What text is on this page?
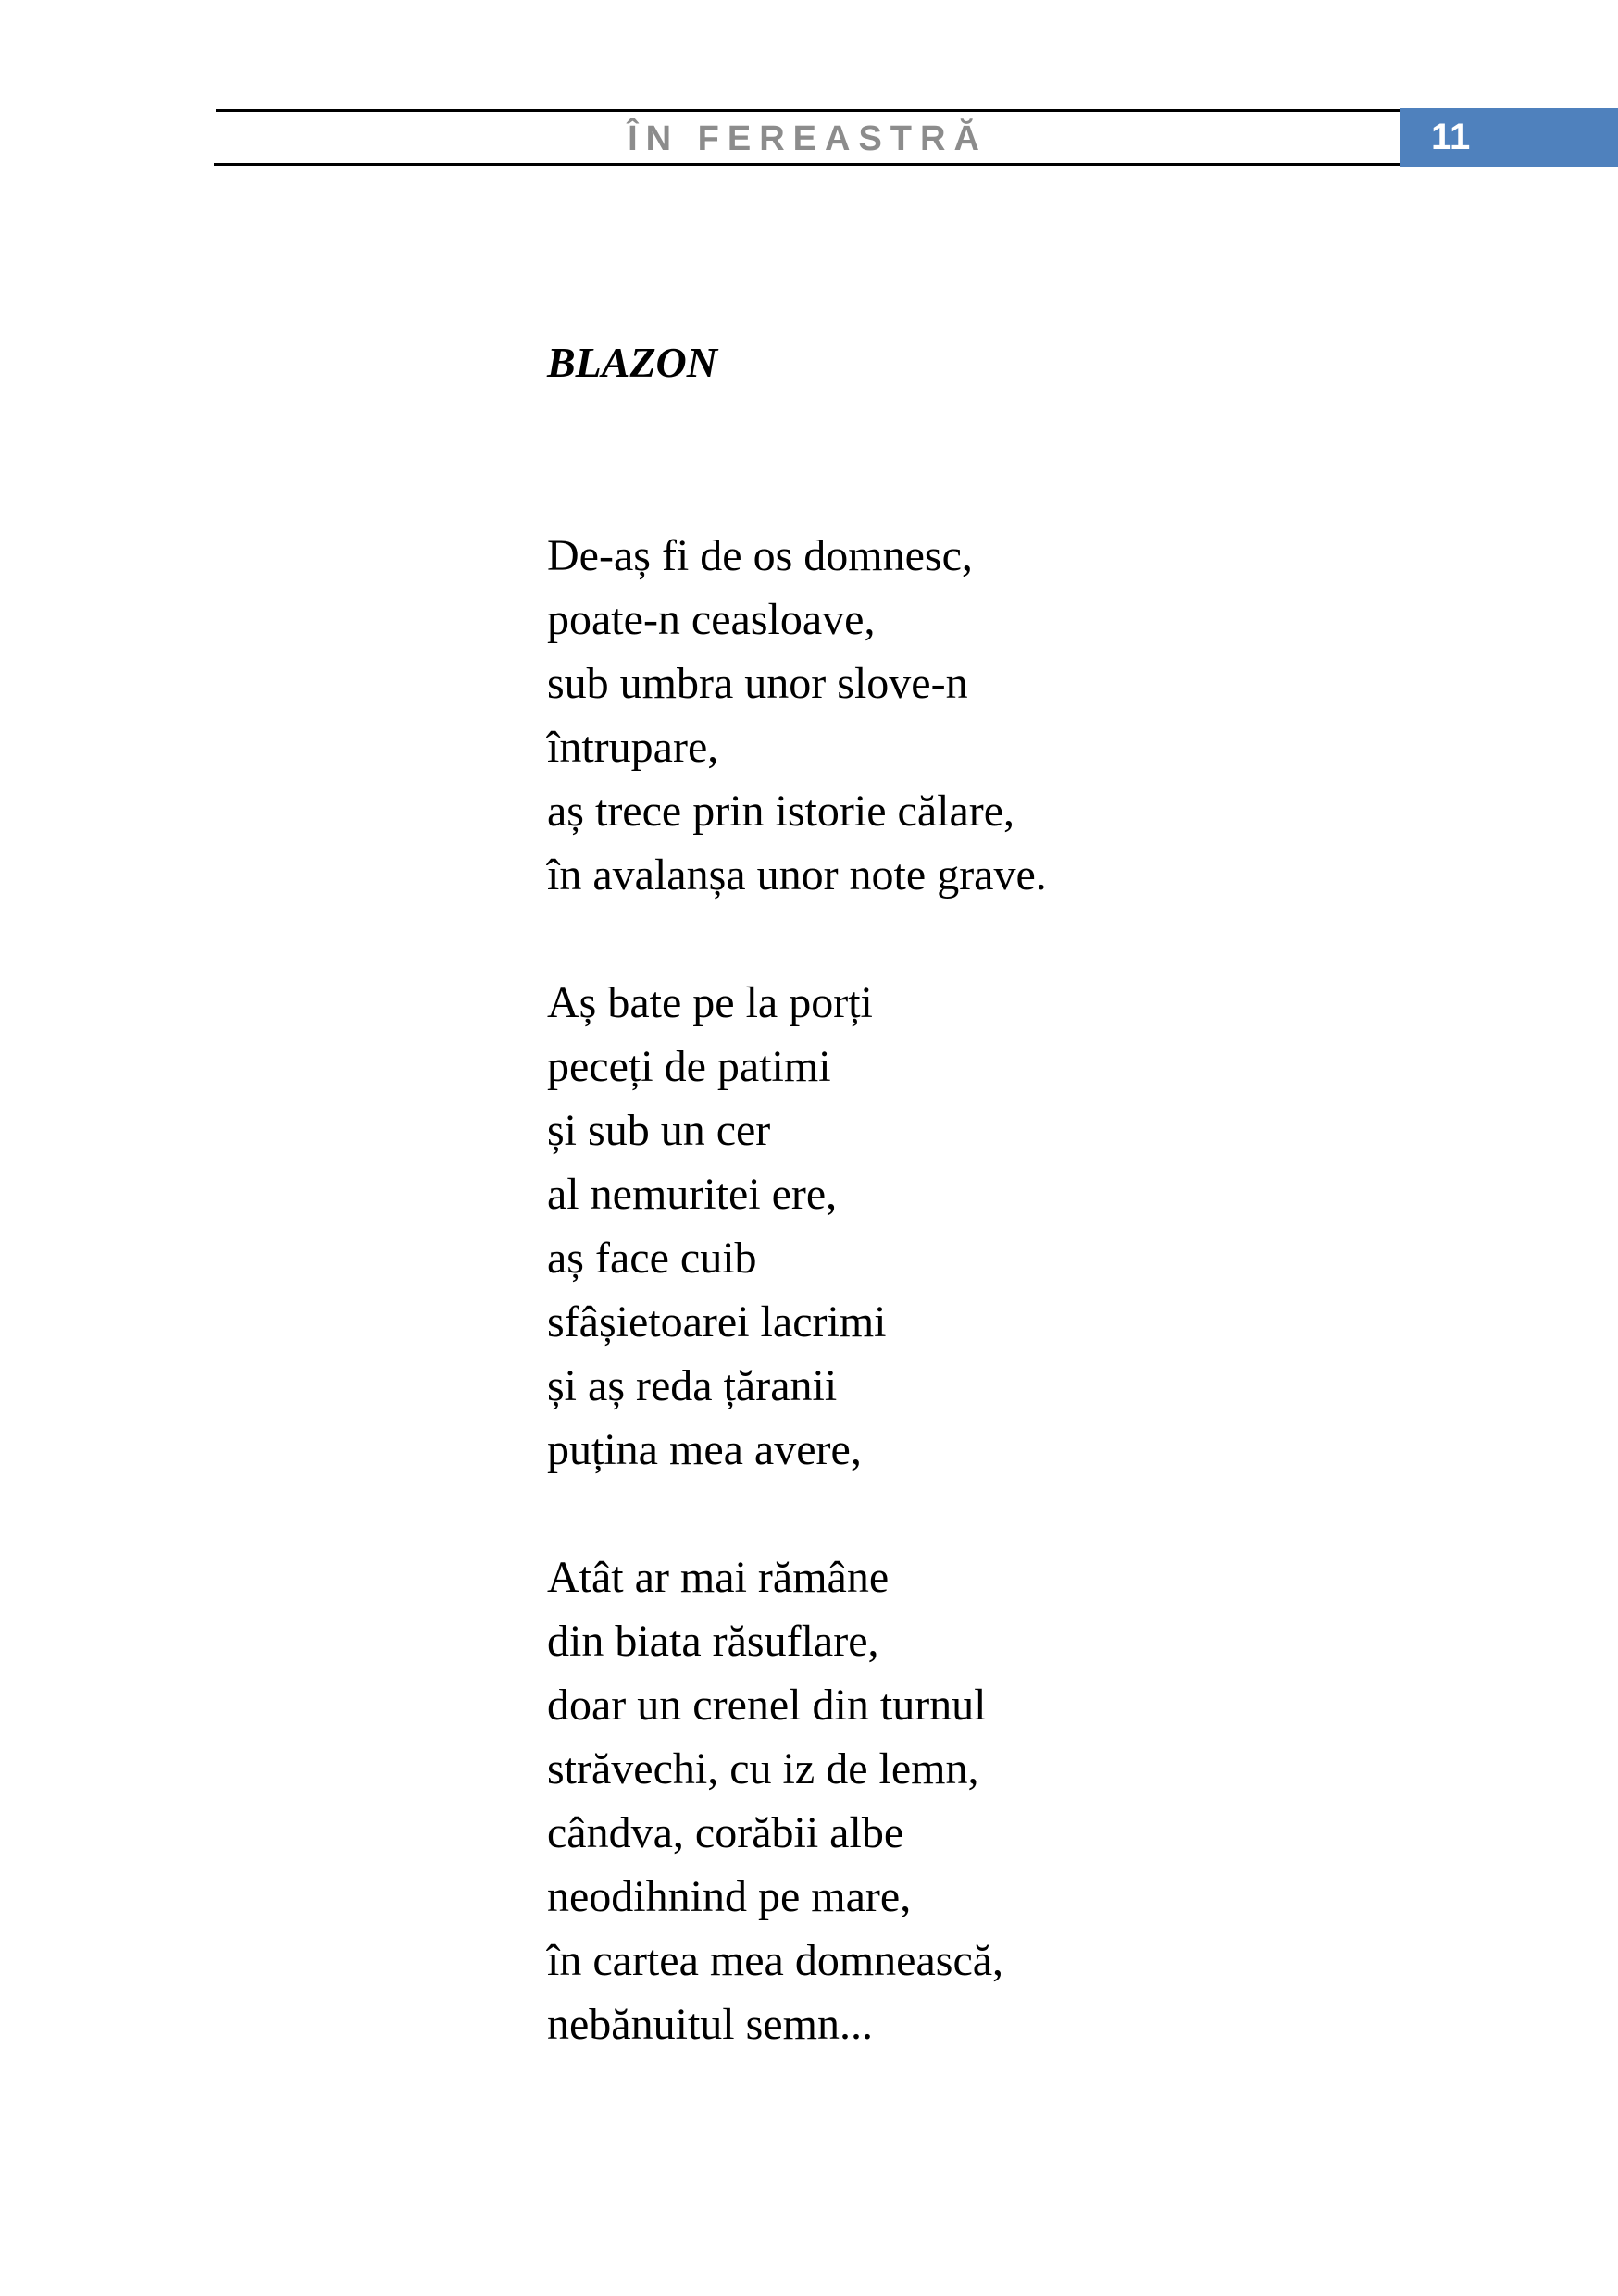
ÎN FEREASTRĂ	11
BLAZON
De-aș fi de os domnesc,
poate-n ceasloave,
sub umbra unor slove-n
întrupare,
aș trece prin istorie călare,
în avalanșa unor note grave.
Aș bate pe la porți
peceți de patimi
și sub un cer
al nemuritei ere,
aș face cuib
sfâșietoarei lacrimi
și aș reda țăranii
puțina mea avere,
Atât ar mai rămâne
din biata răsuflare,
doar un crenel din turnul
străvechi, cu iz de lemn,
cândva, corăbii albe
neodihnind pe mare,
în cartea mea domnească,
nebănuitul semn...
